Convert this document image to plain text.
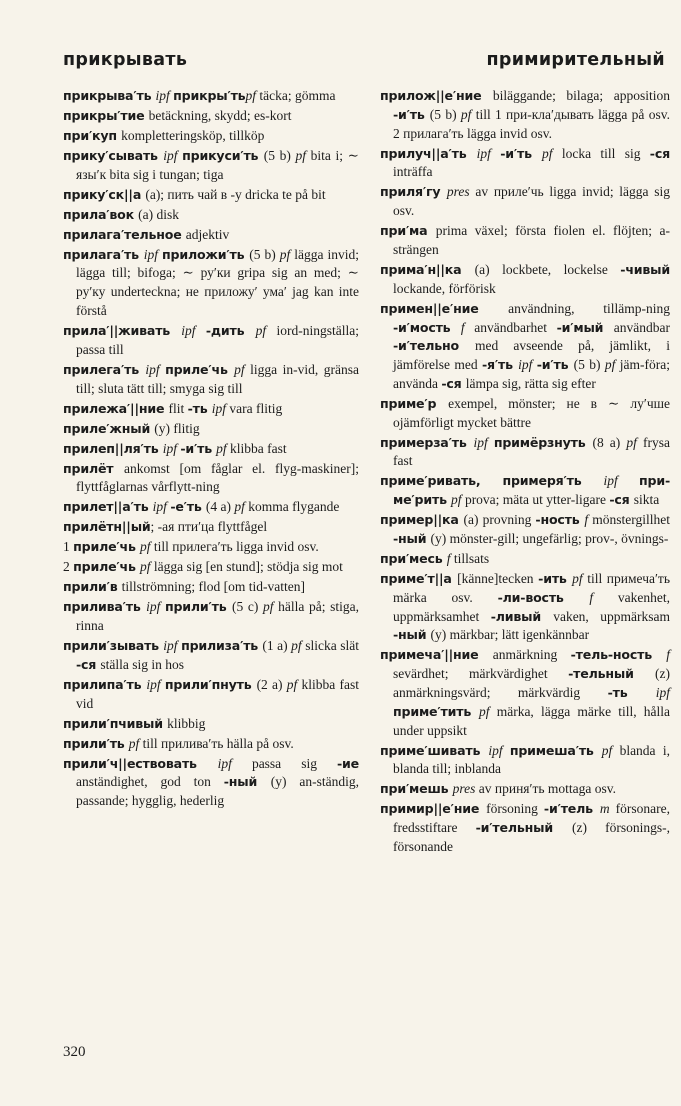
прикрывать	примирительный
прикрыва′ть ipf прикры′тьpf täcka; gömma
прикры′тие betäckning, skydd; es-kort
при′куп kompletteringsköp, tillköp
прику′сывать ipf прикуси′ть (5 b) pf bita i; ∼ язы′к bita sig i tungan; tiga
прику′ск||а (a); пить чай в -у dricka te på bit
прила′вок (a) disk
прилага′тельное adjektiv
прилага′ть ipf приложи′ть (5 b) pf lägga invid; lägga till; bifoga; ∼ ру′ки gripa sig an med; ∼ ру′ку underteckna; не приложу′ ума′ jag kan inte förstå
прила′||живать ipf -дить pf iord-ningställa; passa till
прилега′ть ipf приле′чь pf ligga in-vid, gränsa till; sluta tätt till; smyga sig till
прилежа′||ние flit -ть ipf vara flitig
приле′жный (y) flitig
прилеп||ля′ть ipf -и′ть pf klibba fast
прилёт ankomst [om fåglar el. flyg-maskiner]; flyttfåglarnas vårflytt-ning
прилет||а′ть ipf -е′ть (4 a) pf komma flygande
прилётн||ый; -ая пти′ца flyttfågel
1 приле′чь pf till прилега′ть ligga invid osv.
2 приле′чь pf lägga sig [en stund]; stödja sig mot
прили′в tillströmning; flod [om tid-vatten]
прилива′ть ipf прили′ть (5 c) pf hälla på; stiga, rinna
прили′зывать ipf прилиза′ть (1 a) pf slicka slät -ся ställa sig in hos
прилипа′ть ipf прили′пнуть (2 a) pf klibba fast vid
прили′пчивый klibbig
прили′ть pf till прилива′ть hälla på osv.
прили′ч||ествовать ipf passa sig -ие anständighet, god ton -ный (y) an-ständig, passande; hygglig, hederlig
прилож||е′ние biläggande; bilaga; apposition -и′ть (5 b) pf till 1 при-кла′дывать lägga på osv. 2 прилага′ть lägga invid osv.
прилуч||а′ть ipf -и′ть pf locka till sig -ся inträffa
приля′гу pres av приле′чь ligga invid; lägga sig osv.
при′ма prima växel; första fiolen el. flöjten; a-strängen
прима′н||ка (a) lockbete, lockelse -чивый lockande, förförisk
примен||е′ние användning, tillämp-ning -и′мость f användbarhet -и′мый användbar -и′тельно med avseende på, jämlikt, i jämförelse med -я′ть ipf -и′ть (5 b) pf jäm-föra; använda -ся lämpa sig, rätta sig efter
приме′р exempel, mönster; не в ∼ лу′чше ojämförligt mycket bättre
примерза′ть ipf примёрзнуть (8 a) pf frysa fast
приме′ривать, примеря′ть ipf при-ме′рить pf prova; mäta ut ytter-ligare -ся sikta
пример||ка (a) provning -ность f mönstergillhet -ный (y) mönster-gill; ungefärlig; prov-, övnings-
при′месь f tillsats
приме′т||а [känne]tecken -ить pf till примеча′ть märka osv. -ли-вость f vakenhet, uppmärksamhet -ливый vaken, uppmärksam -ный (y) märkbar; lätt igenkännbar
примеча′||ние anmärkning -тель-ность f sevärdhet; märkvärdighet -тельный (z) anmärkningsvärd; märkvärdig -ть ipf приме′тить pf märka, lägga märke till, hålla under uppsikt
приме′шивать ipf примеша′ть pf blanda i, blanda till; inblanda
при′мешь pres av приня′ть mottaga osv.
примир||е′ние försoning -и′тель m försonare, fredsstiftare -и′тельный (z) försonings-, försonande
320
